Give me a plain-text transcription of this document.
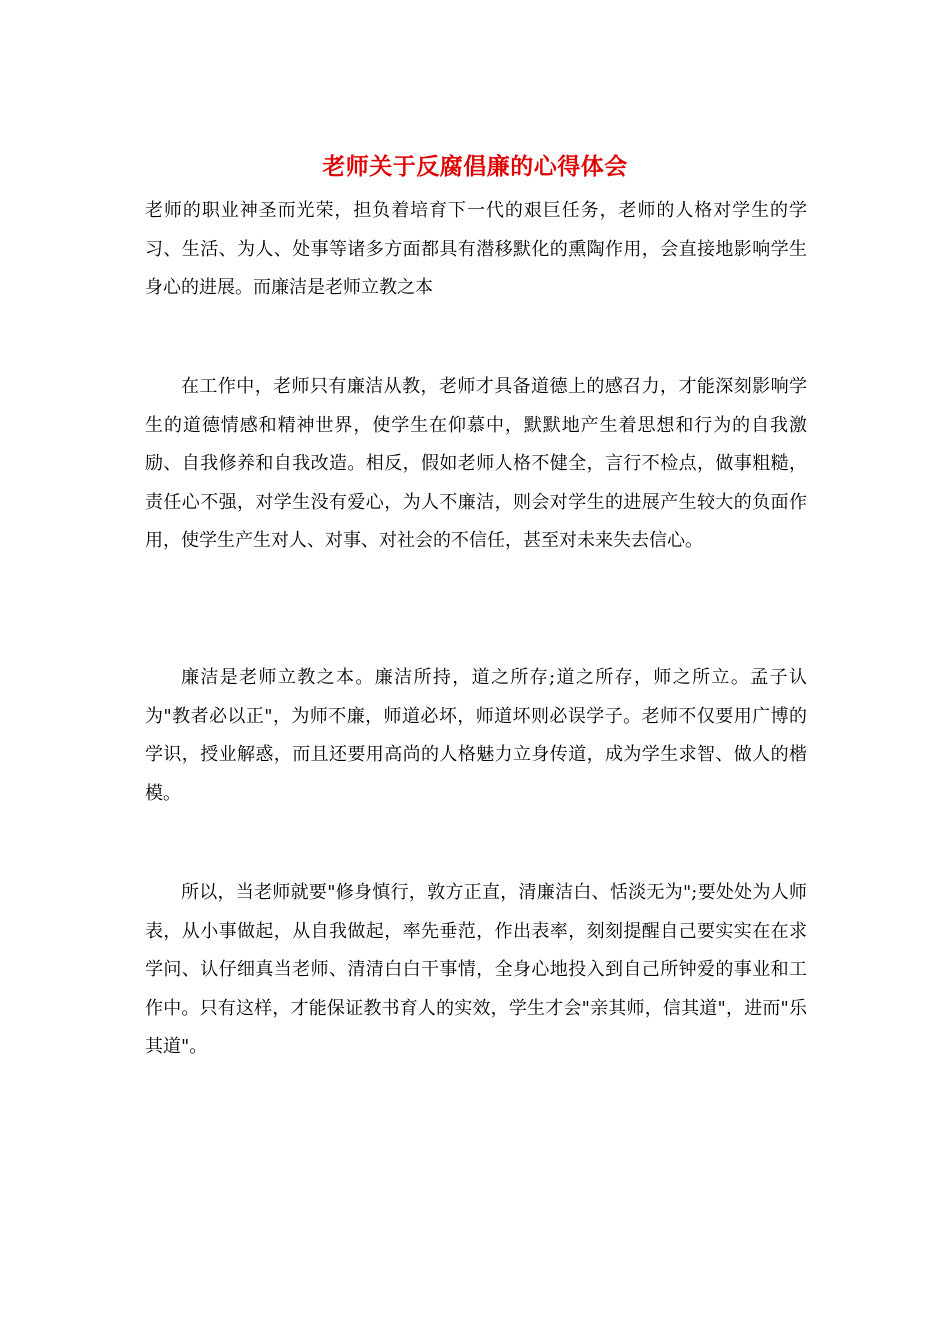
老师关于反腐倡廉的心得体会

老师的职业神圣而光荣，担负着培育下一代的艰巨任务，老师的人格对学生的学习、生活、为人、处事等诸多方面都具有潜移默化的熏陶作用，会直接地影响学生身心的进展。而廉洁是老师立教之本

在工作中，老师只有廉洁从教，老师才具备道德上的感召力，才能深刻影响学生的道德情感和精神世界，使学生在仰慕中，默默地产生着思想和行为的自我激励、自我修养和自我改造。相反，假如老师人格不健全，言行不检点，做事粗糙，责任心不强，对学生没有爱心，为人不廉洁，则会对学生的进展产生较大的负面作用，使学生产生对人、对事、对社会的不信任，甚至对未来失去信心。

廉洁是老师立教之本。廉洁所持，道之所存;道之所存，师之所立。孟子认为"教者必以正"，为师不廉，师道必坏，师道坏则必误学子。老师不仅要用广博的学识，授业解惑，而且还要用高尚的人格魅力立身传道，成为学生求智、做人的楷模。

所以，当老师就要"修身慎行，敦方正直，清廉洁白、恬淡无为";要处处为人师表，从小事做起，从自我做起，率先垂范，作出表率，刻刻提醒自己要实实在在求学问、认仔细真当老师、清清白白干事情，全身心地投入到自己所钟爱的事业和工作中。只有这样，才能保证教书育人的实效，学生才会"亲其师，信其道"，进而"乐其道"。
